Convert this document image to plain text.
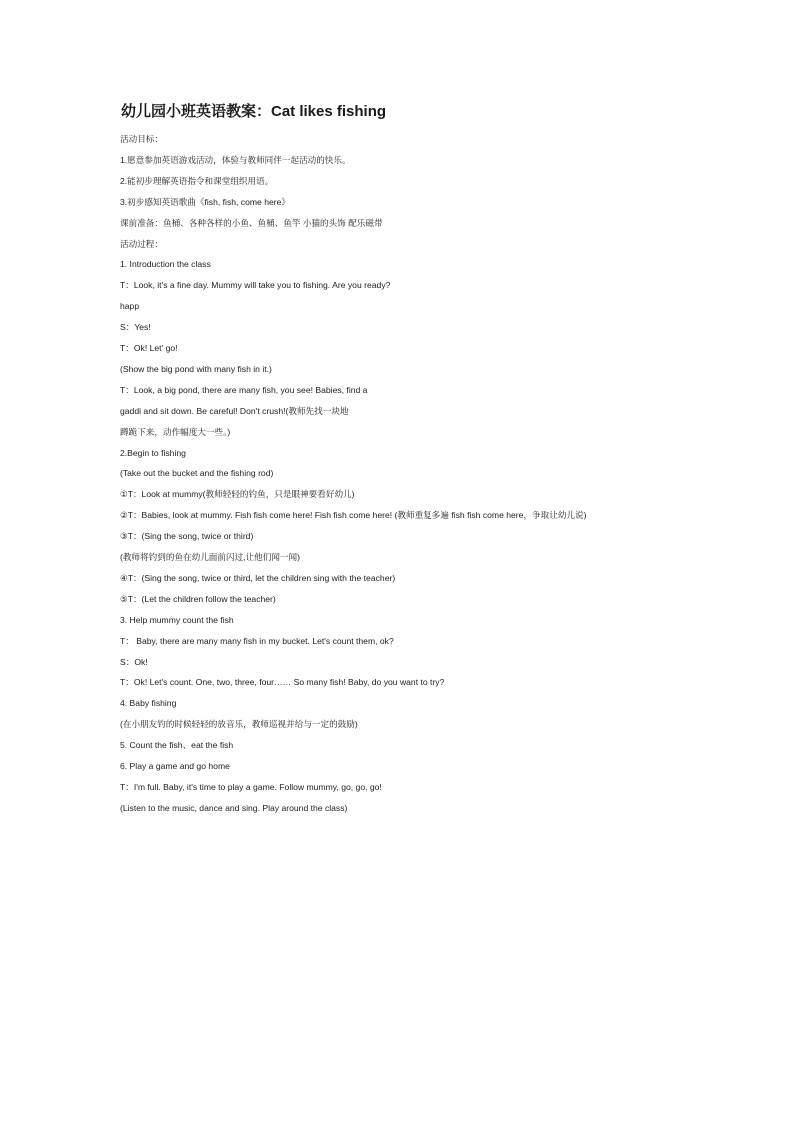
幼儿园小班英语教案：Cat likes fishing
活动目标：
1.愿意参加英语游戏活动，体验与教师同伴一起活动的快乐。
2.能初步理解英语指令和课堂组织用语。
3.初步感知英语歌曲《fish, fish, come here》
课前准备：鱼桶、各种各样的小鱼、鱼桶、鱼竿 小猫的头饰 配乐磁带
活动过程：
1. Introduction the class
T：Look, it's a fine day. Mummy will take you to fishing. Are you ready?
happ
S：Yes!
T：Ok! Let' go!
(Show the big pond with many fish in it.)
T：Look, a big pond, there are many fish, you see! Babies, find a
gaddi and sit down. Be careful! Don't crush!(教师先找一块地
蹲跪下来，动作幅度大一些。)
2.Begin to fishing
(Take out the bucket and the fishing rod)
①T：Look at mummy(教师轻轻的钓鱼，只是眼神要看好幼儿)
②T：Babies, look at mummy. Fish fish come here! Fish fish come here! (教师重复多遍 fish fish come here，争取让幼儿说)
③T：(Sing the song, twice or third)
(教师将钓到的鱼在幼儿面前闪过,让他们闻一闻)
④T：(Sing the song, twice or third, let the children sing with the teacher)
⑤T：(Let the children follow the teacher)
3. Help mummy count the fish
T： Baby, there are many many fish in my bucket. Let's count them, ok?
S：Ok!
T：Ok! Let's count. One, two, three, four…… So many fish! Baby, do you want to try?
4. Baby fishing
(在小朋友钓的时候轻轻的放音乐，教师巡视并给与一定的鼓励)
5. Count the fish、eat the fish
6. Play a game and go home
T：I'm full. Baby, it's time to play a game. Follow mummy, go, go, go!
(Listen to the music, dance and sing. Play around the class)
